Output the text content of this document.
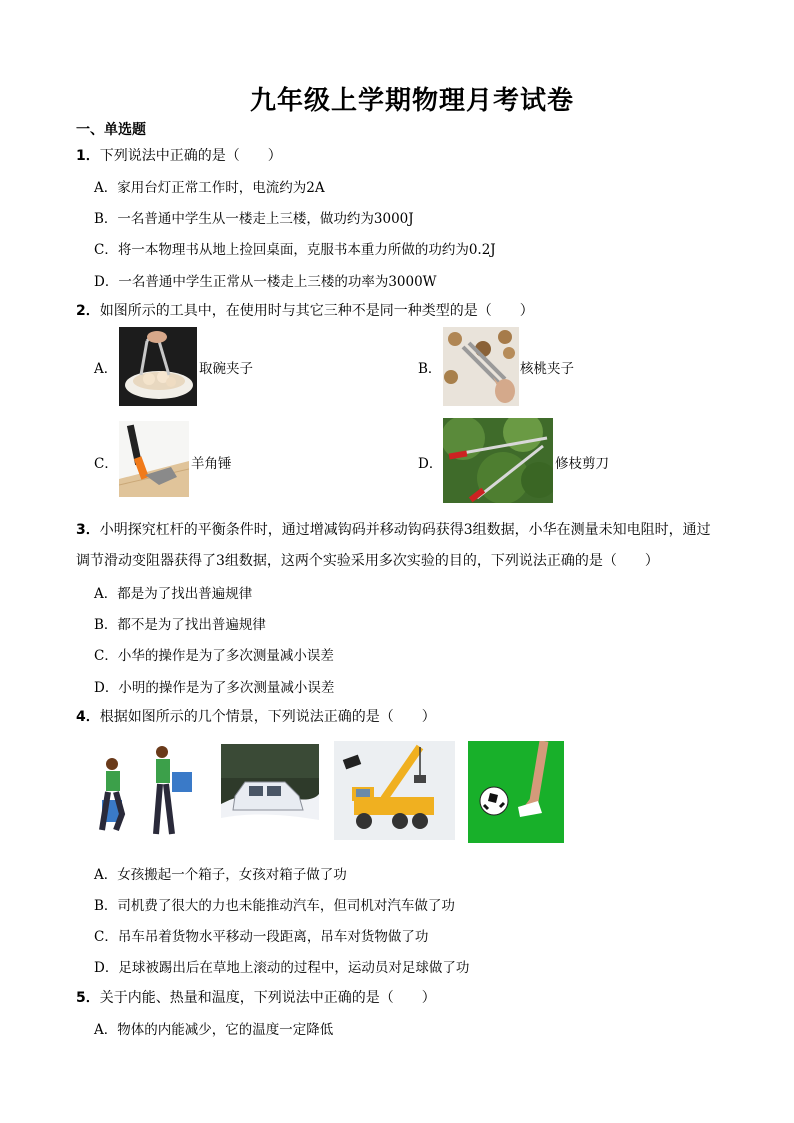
九年级上学期物理月考试卷
一、单选题
1．下列说法中正确的是（　　）
A．家用台灯正常工作时，电流约为2A
B．一名普通中学生从一楼走上三楼，做功约为3000J
C．将一本物理书从地上捡回桌面，克服书本重力所做的功约为0.2J
D．一名普通中学生正常从一楼走上三楼的功率为3000W
2．如图所示的工具中，在使用时与其它三种不是同一种类型的是（　　）
A．	取碗夹子	B．	核桃夹子
C．	羊角锤	D．	修枝剪刀
3．小明探究杠杆的平衡条件时，通过增减钩码并移动钩码获得3组数据，小华在测量未知电阻时，通过
调节滑动变阻器获得了3组数据，这两个实验采用多次实验的目的，下列说法正确的是（　　）
A．都是为了找出普遍规律
B．都不是为了找出普遍规律
C．小华的操作是为了多次测量减小误差
D．小明的操作是为了多次测量减小误差
4．根据如图所示的几个情景，下列说法正确的是（　　）
A．女孩搬起一个箱子，女孩对箱子做了功
B．司机费了很大的力也未能推动汽车，但司机对汽车做了功
C．吊车吊着货物水平移动一段距离，吊车对货物做了功
D．足球被踢出后在草地上滚动的过程中，运动员对足球做了功
5．关于内能、热量和温度，下列说法中正确的是（　　）
A．物体的内能减少，它的温度一定降低
